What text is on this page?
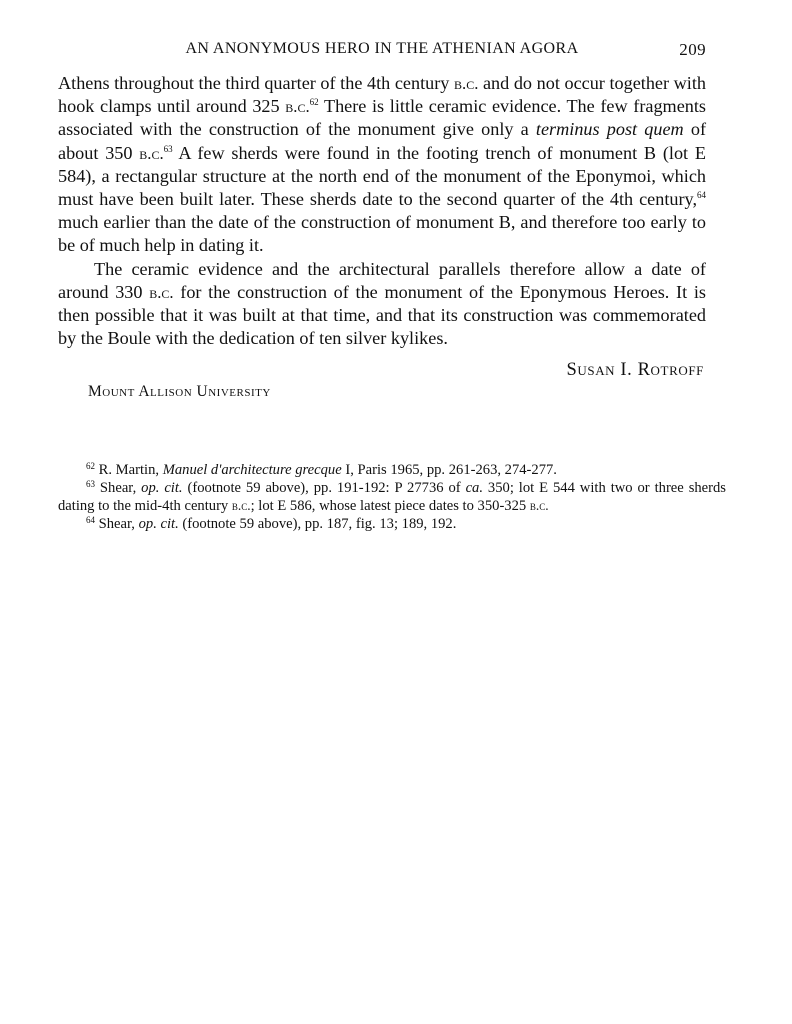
AN ANONYMOUS HERO IN THE ATHENIAN AGORA	209

Athens throughout the third quarter of the 4th century b.c. and do not occur together with hook clamps until around 325 b.c.$^{62}$ There is little ceramic evidence. The few fragments associated with the construction of the monument give only a terminus post quem of about 350 b.c.$^{63}$ A few sherds were found in the footing trench of monument B (lot E 584), a rectangular structure at the north end of the monument of the Eponymoi, which must have been built later. These sherds date to the second quarter of the 4th century,$^{64}$ much earlier than the date of the construction of monument B, and therefore too early to be of much help in dating it.

The ceramic evidence and the architectural parallels therefore allow a date of around 330 b.c. for the construction of the monument of the Eponymous Heroes. It is then possible that it was built at that time, and that its construction was commemorated by the Boule with the dedication of ten silver kylikes.

Susan I. Rotroff
Mount Allison University
$^{62}$ R. Martin, Manuel d'architecture grecque I, Paris 1965, pp. 261-263, 274-277.
$^{63}$ Shear, op. cit. (footnote 59 above), pp. 191-192: P 27736 of ca. 350; lot E 544 with two or three sherds dating to the mid-4th century b.c.; lot E 586, whose latest piece dates to 350-325 b.c.
$^{64}$ Shear, op. cit. (footnote 59 above), pp. 187, fig. 13; 189, 192.
